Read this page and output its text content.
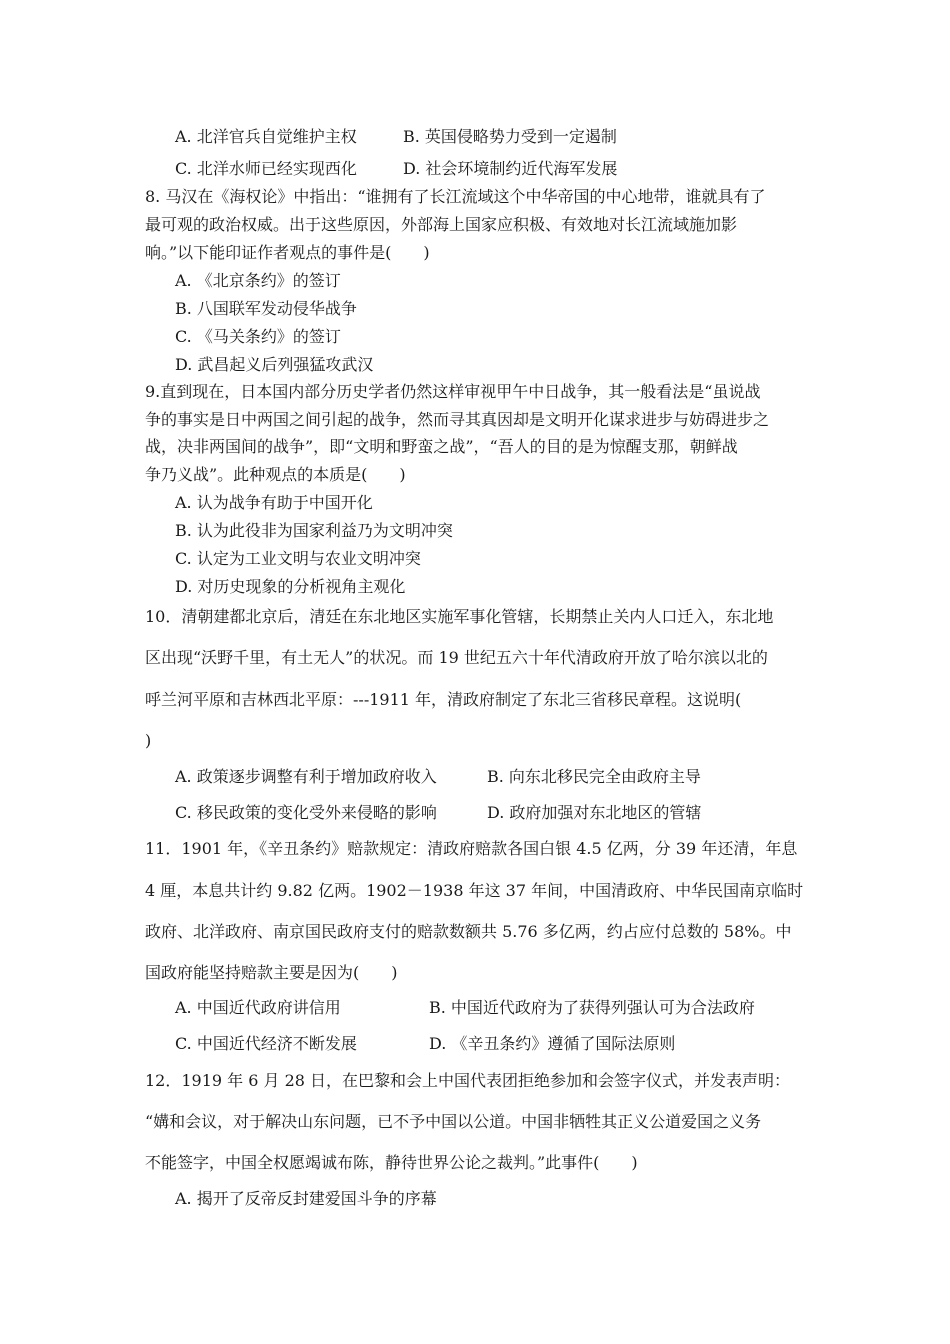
A. 北洋官兵自觉维护主权	B. 英国侵略势力受到一定遏制
C. 北洋水师已经实现西化	D. 社会环境制约近代海军发展
8. 马汉在《海权论》中指出：“谁拥有了长江流域这个中华帝国的中心地带，谁就具有了
最可观的政治权威。出于这些原因，外部海上国家应积极、有效地对长江流域施加影
响。”以下能印证作者观点的事件是(　　)
A. 《北京条约》的签订
B. 八国联军发动侵华战争
C. 《马关条约》的签订
D. 武昌起义后列强猛攻武汉
9.直到现在，日本国内部分历史学者仍然这样审视甲午中日战争，其一般看法是“虽说战
争的事实是日中两国之间引起的战争，然而寻其真因却是文明开化谋求进步与妨碍进步之
战，决非两国间的战争”，即“文明和野蛮之战”，“吾人的目的是为惊醒支那，朝鲜战
争乃义战”。此种观点的本质是(　　)
A. 认为战争有助于中国开化
B. 认为此役非为国家利益乃为文明冲突
C. 认定为工业文明与农业文明冲突
D. 对历史现象的分析视角主观化
10．清朝建都北京后，清廷在东北地区实施军事化管辖，长期禁止关内人口迁入，东北地
区出现“沃野千里，有土无人”的状况。而 19 世纪五六十年代清政府开放了哈尔滨以北的
呼兰河平原和吉林西北平原：---1911 年，清政府制定了东北三省移民章程。这说明(
)
A. 政策逐步调整有利于增加政府收入	B. 向东北移民完全由政府主导
C. 移民政策的变化受外来侵略的影响	D. 政府加强对东北地区的管辖
11．1901 年，《辛丑条约》赔款规定：清政府赔款各国白银 4.5 亿两，分 39 年还清，年息
4 厘，本息共计约 9.82 亿两。1902－1938 年这 37 年间，中国清政府、中华民国南京临时
政府、北洋政府、南京国民政府支付的赔款数额共 5.76 多亿两，约占应付总数的 58%。中
国政府能坚持赔款主要是因为(　　)
A. 中国近代政府讲信用	B. 中国近代政府为了获得列强认可为合法政府
C. 中国近代经济不断发展	D. 《辛丑条约》遵循了国际法原则
12．1919 年 6 月 28 日，在巴黎和会上中国代表团拒绝参加和会签字仪式，并发表声明：
“媾和会议，对于解决山东问题，已不予中国以公道。中国非牺牲其正义公道爱国之义务
不能签字，中国全权愿竭诚布陈，静待世界公论之裁判。”此事件(　　)
A. 揭开了反帝反封建爱国斗争的序幕
